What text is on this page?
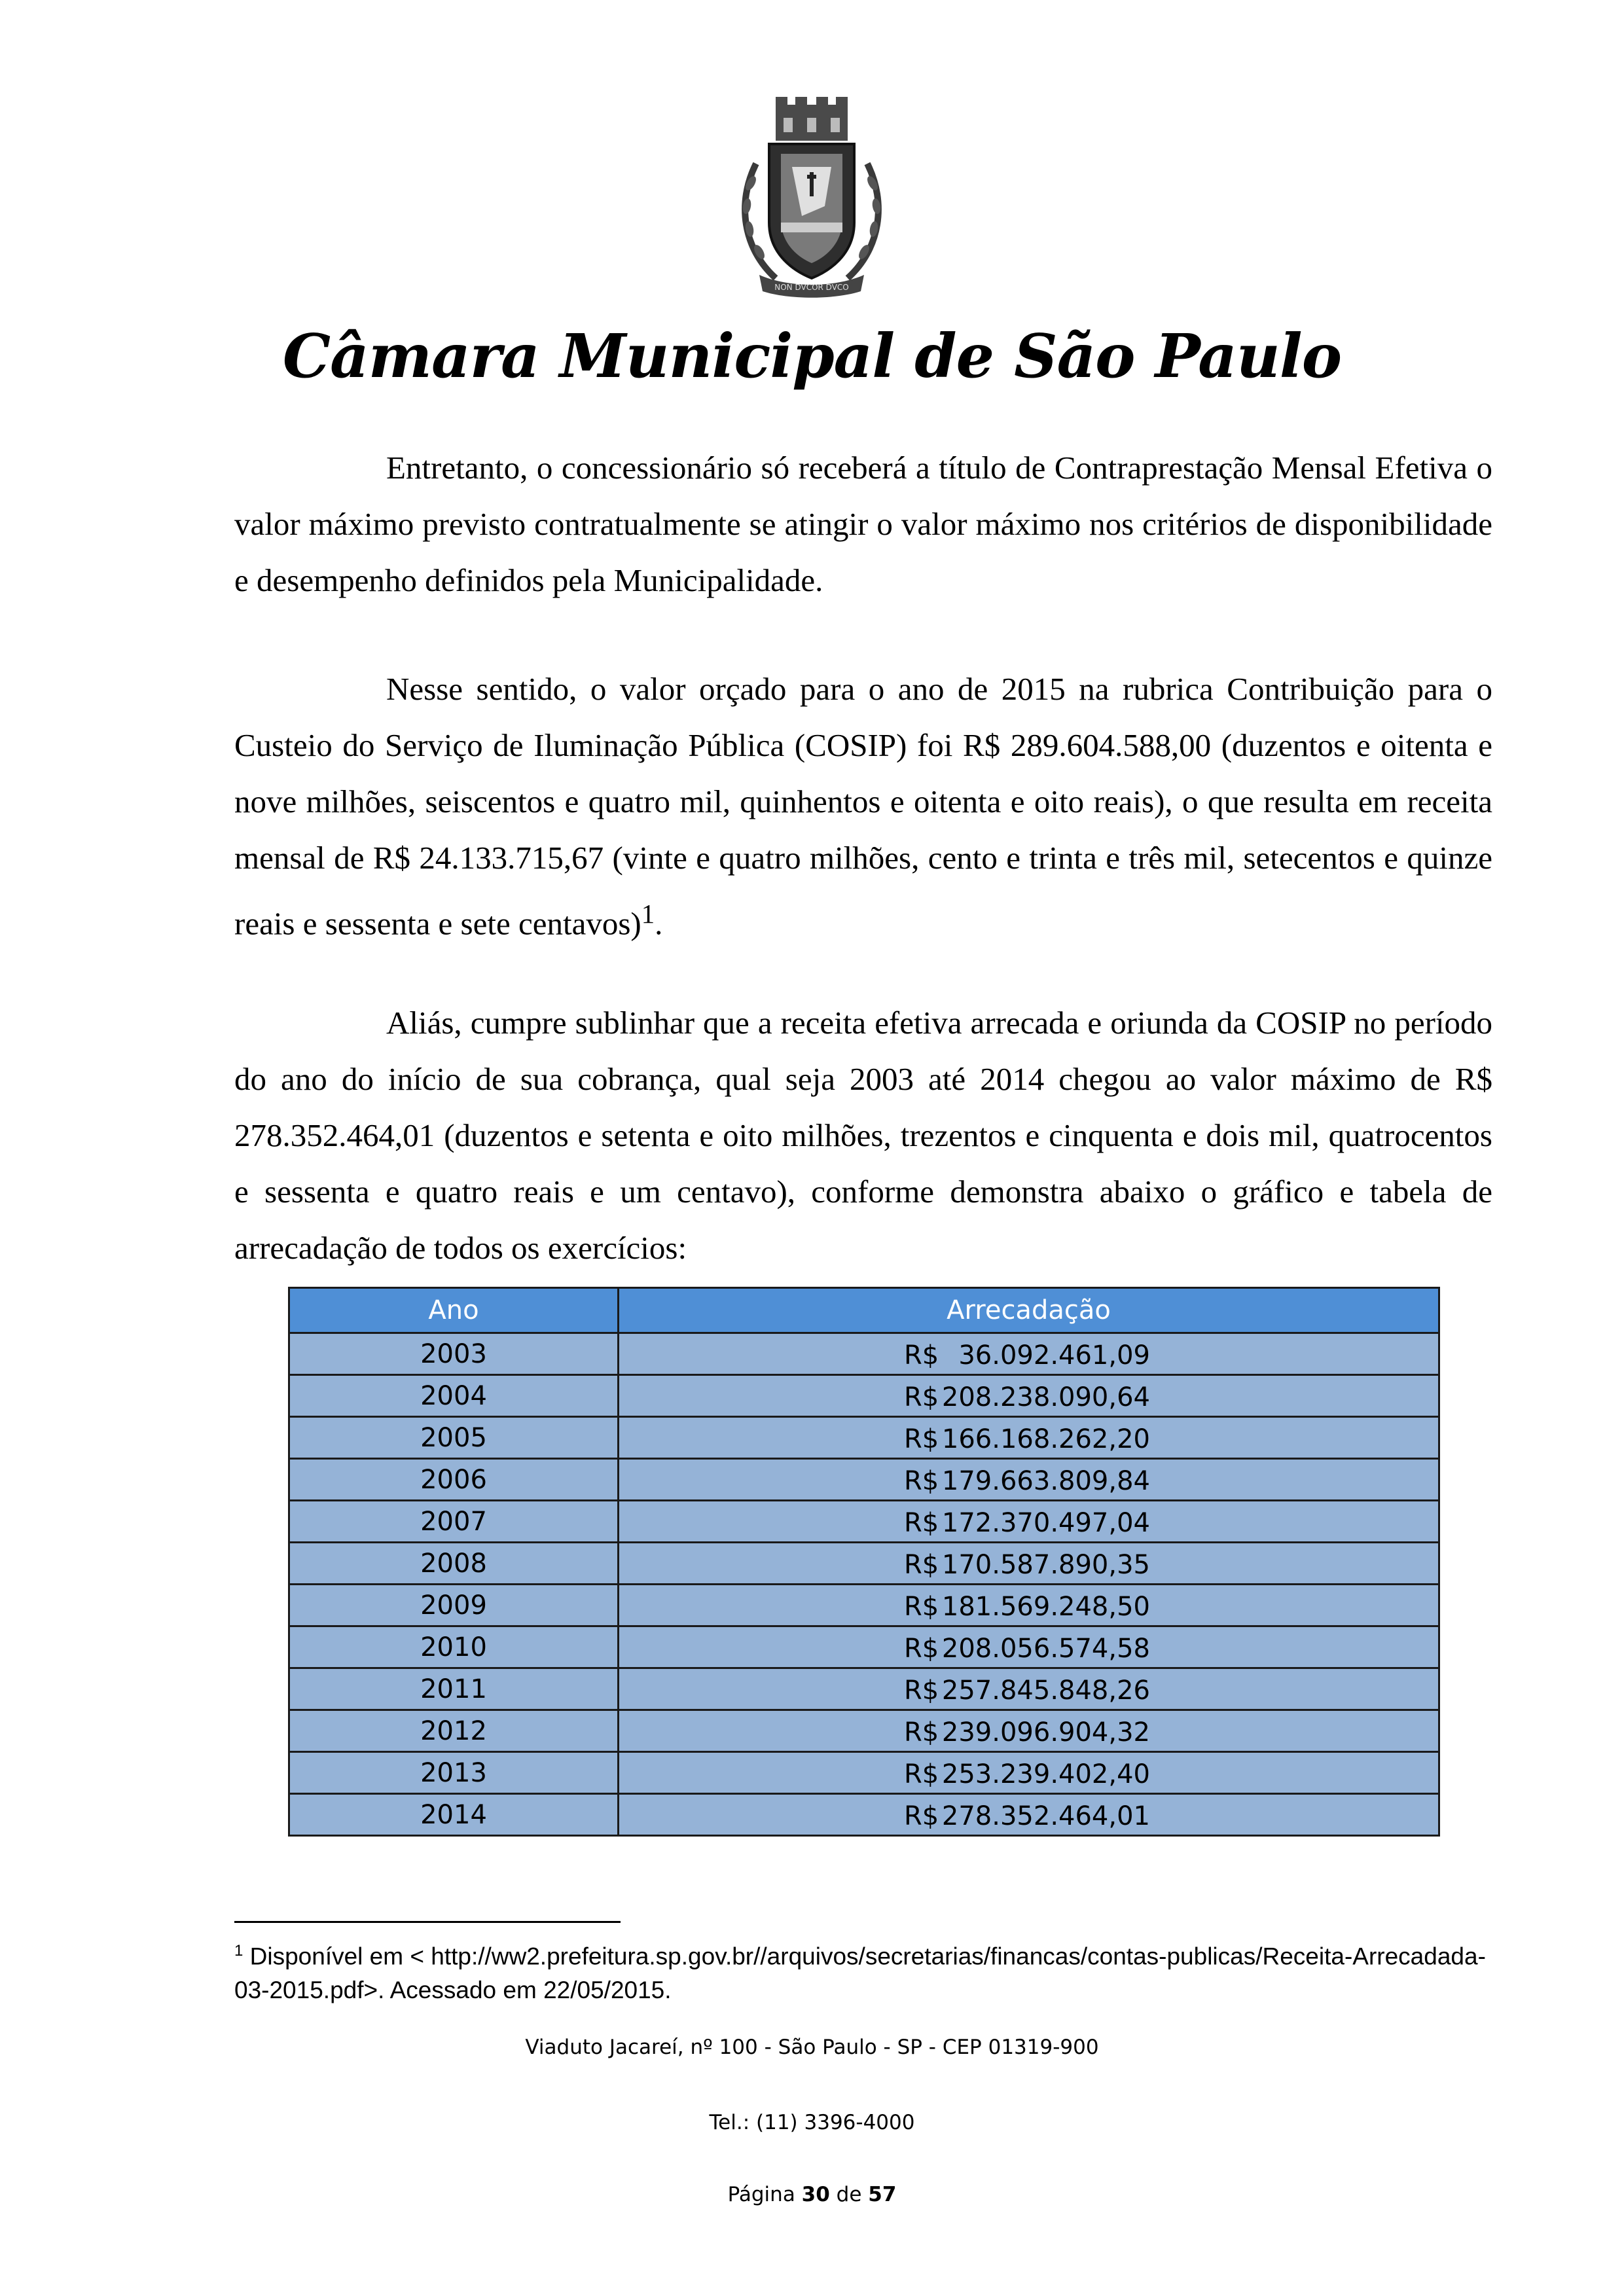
NON DVCOR DVCO
Câmara Municipal de São Paulo

Entretanto, o concessionário só receberá a título de Contraprestação Mensal Efetiva o valor máximo previsto contratualmente se atingir o valor máximo nos critérios de disponibilidade e desempenho definidos pela Municipalidade.

Nesse sentido, o valor orçado para o ano de 2015 na rubrica Contribuição para o Custeio do Serviço de Iluminação Pública (COSIP) foi R$ 289.604.588,00 (duzentos e oitenta e nove milhões, seiscentos e quatro mil, quinhentos e oitenta e oito reais), o que resulta em receita mensal de R$ 24.133.715,67 (vinte e quatro milhões, cento e trinta e três mil, setecentos e quinze reais e sessenta e sete centavos)$^1$.

Aliás, cumpre sublinhar que a receita efetiva arrecada e oriunda da COSIP no período do ano do início de sua cobrança, qual seja 2003 até 2014 chegou ao valor máximo de R$ 278.352.464,01 (duzentos e setenta e oito milhões, trezentos e cinquenta e dois mil, quatrocentos e sessenta e quatro reais e um centavo), conforme demonstra abaixo o gráfico e tabela de arrecadação de todos os exercícios:

Ano	Arrecadação
2003	R$ 36.092.461,09

2004	R$ 208.238.090,64

2005	R$ 166.168.262,20

2006	R$ 179.663.809,84

2007	R$ 172.370.497,04

2008	R$ 170.587.890,35

2009	R$ 181.569.248,50

2010	R$ 208.056.574,58

2011	R$ 257.845.848,26

2012	R$ 239.096.904,32

2013	R$ 253.239.402,40

2014	R$ 278.352.464,01

$^1$ Disponível em < http://ww2.prefeitura.sp.gov.br//arquivos/secretarias/financas/contas-publicas/Receita-Arrecadada-03-2015.pdf>. Acessado em 22/05/2015.

Viaduto Jacareí, nº 100 - São Paulo - SP - CEP 01319-900
Tel.: (11) 3396-4000
Página 30 de 57
